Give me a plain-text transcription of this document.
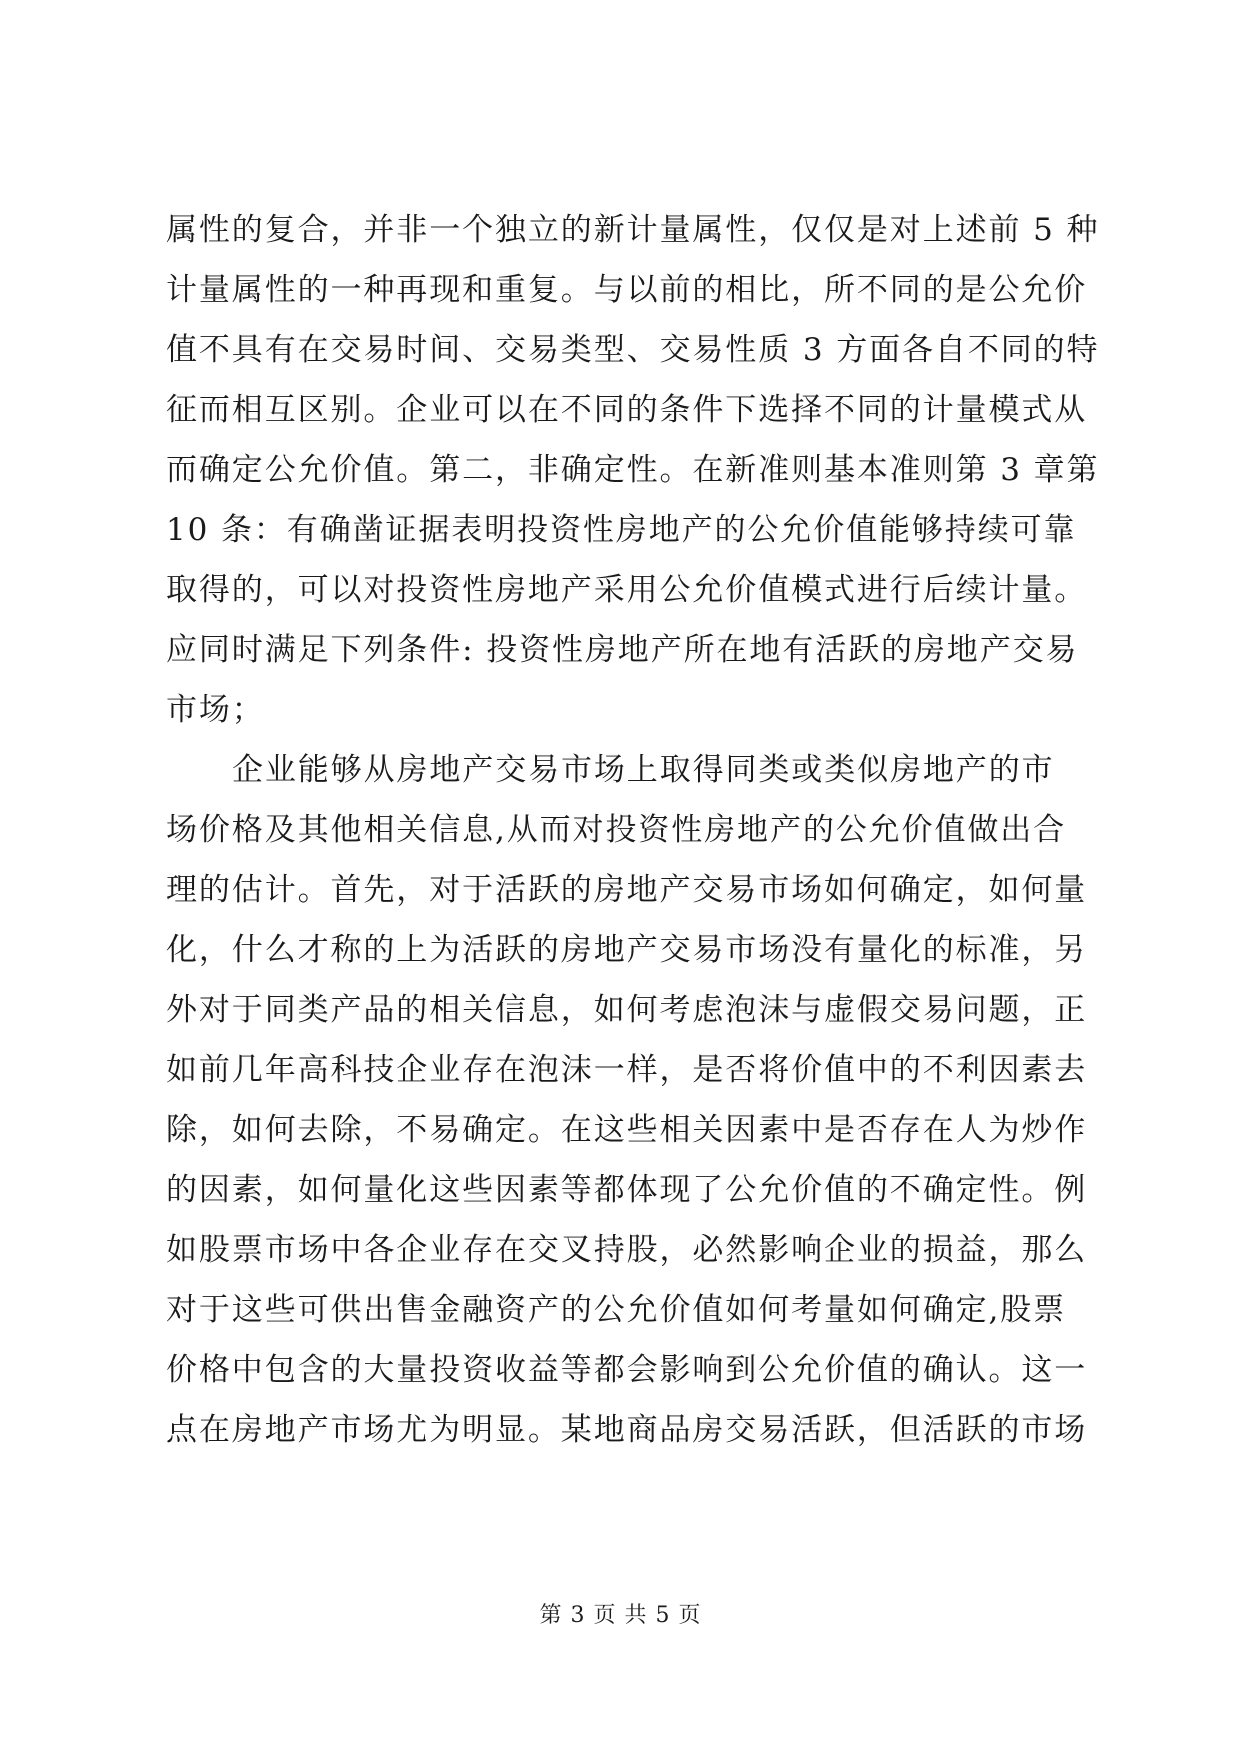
属性的复合，并非一个独立的新计量属性，仅仅是对上述前 5 种
计量属性的一种再现和重复。与以前的相比，所不同的是公允价
值不具有在交易时间、交易类型、交易性质 3 方面各自不同的特
征而相互区别。企业可以在不同的条件下选择不同的计量模式从
而确定公允价值。第二，非确定性。在新准则基本准则第 3 章第
10 条：有确凿证据表明投资性房地产的公允价值能够持续可靠
取得的，可以对投资性房地产采用公允价值模式进行后续计量。
应同时满足下列条件: 投资性房地产所在地有活跃的房地产交易
市场；
企业能够从房地产交易市场上取得同类或类似房地产的市
场价格及其他相关信息,从而对投资性房地产的公允价值做出合
理的估计。首先，对于活跃的房地产交易市场如何确定，如何量
化，什么才称的上为活跃的房地产交易市场没有量化的标准，另
外对于同类产品的相关信息，如何考虑泡沫与虚假交易问题，正
如前几年高科技企业存在泡沫一样，是否将价值中的不利因素去
除，如何去除，不易确定。在这些相关因素中是否存在人为炒作
的因素，如何量化这些因素等都体现了公允价值的不确定性。例
如股票市场中各企业存在交叉持股，必然影响企业的损益，那么
对于这些可供出售金融资产的公允价值如何考量如何确定,股票
价格中包含的大量投资收益等都会影响到公允价值的确认。这一
点在房地产市场尤为明显。某地商品房交易活跃，但活跃的市场
第 3 页 共 5 页
